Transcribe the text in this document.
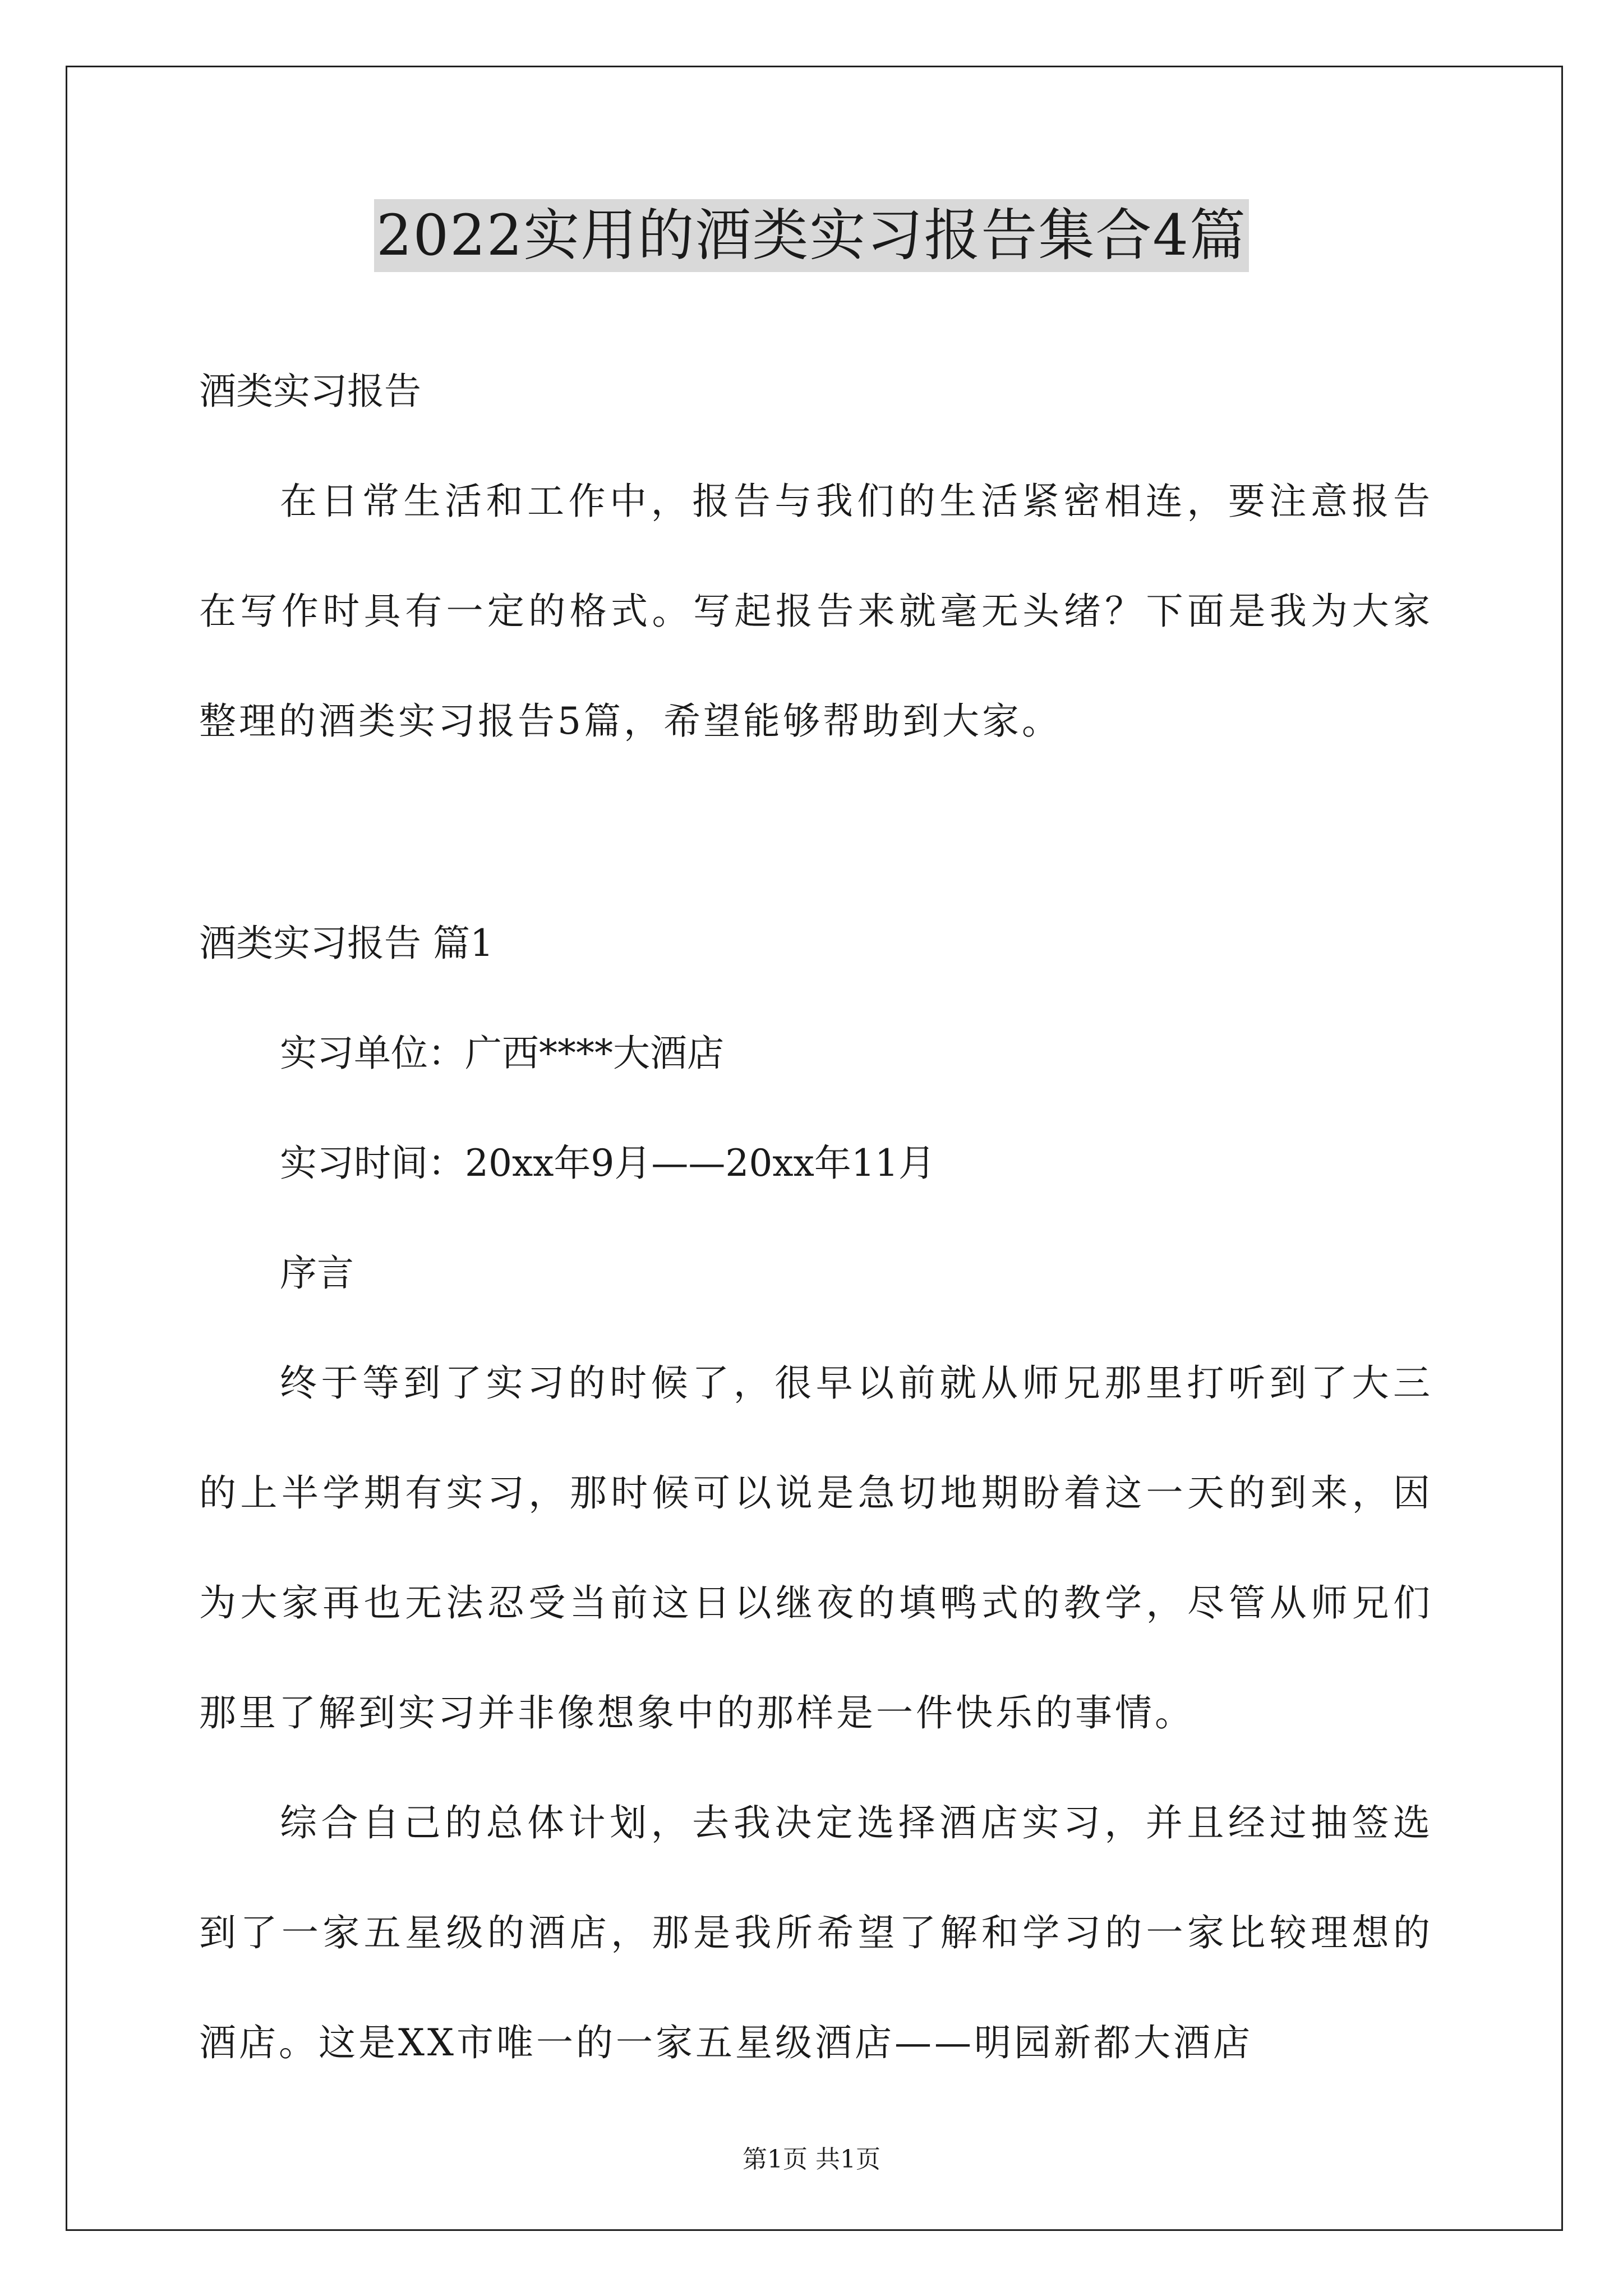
2022实用的酒类实习报告集合4篇
酒类实习报告
在日常生活和工作中，报告与我们的生活紧密相连，要注意报告在写作时具有一定的格式。写起报告来就毫无头绪？下面是我为大家整理的酒类实习报告5篇，希望能够帮助到大家。
酒类实习报告 篇1
实习单位：广西****大酒店
实习时间：20xx年9月——20xx年11月
序言
终于等到了实习的时候了，很早以前就从师兄那里打听到了大三的上半学期有实习，那时候可以说是急切地期盼着这一天的到来，因为大家再也无法忍受当前这日以继夜的填鸭式的教学，尽管从师兄们那里了解到实习并非像想象中的那样是一件快乐的事情。
综合自己的总体计划，去我决定选择酒店实习，并且经过抽签选到了一家五星级的酒店，那是我所希望了解和学习的一家比较理想的酒店。这是XX市唯一的一家五星级酒店——明园新都大酒店
第1页 共1页
